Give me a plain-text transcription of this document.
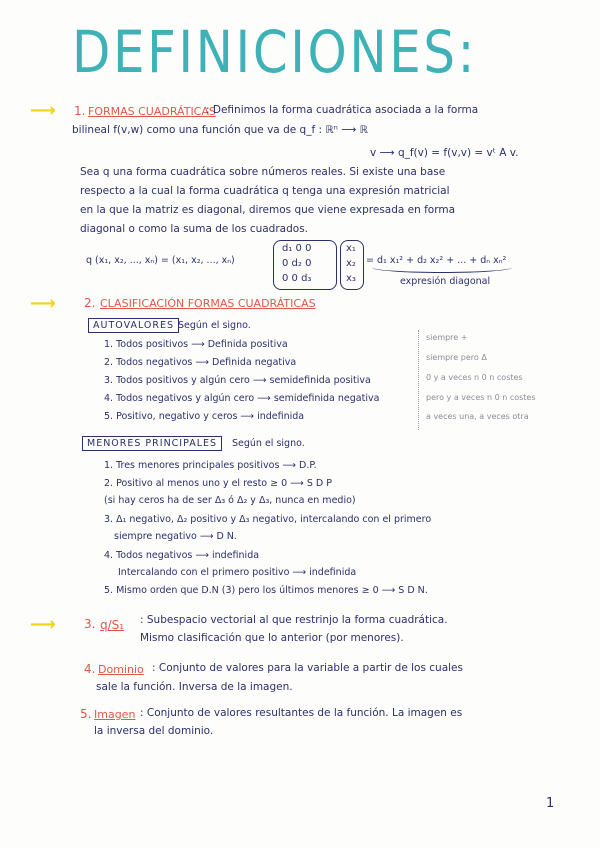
DEFINICIONES:
⟶ 1. FORMAS CUADRÁTICAS
: Definimos la forma cuadrática asociada a la forma
bilineal f(v,w) como una función que va de q_f : ℝⁿ ⟶ ℝ
v ⟶ q_f(v) = f(v,v) = vᵗ A v.
Sea q una forma cuadrática sobre números reales. Si existe una base
respecto a la cual la forma cuadrática q tenga una expresión matricial
en la que la matriz es diagonal, diremos que viene expresada en forma
diagonal o como la suma de los cuadrados.
q (x₁, x₂, ..., xₙ) = (x₁, x₂, ..., xₙ)
d₁ 0 0
0 d₂ 0
0 0 d₃
x₁
x₂
x₃
= d₁ x₁² + d₂ x₂² + ... + dₙ xₙ²
expresión diagonal
⟶ 2. CLASIFICACIÓN FORMAS CUADRÁTICAS
AUTOVALORES Según el signo.
1. Todos positivos ⟶ Definida positiva
2. Todos negativos ⟶ Definida negativa
3. Todos positivos y algún cero ⟶ semidefinida positiva
4. Todos negativos y algún cero ⟶ semidefinida negativa
5. Positivo, negativo y ceros ⟶ indefinida
siempre +
siempre pero Δ
0 y a veces n 0 n costes
pero y a veces n 0 n costes
a veces una, a veces otra
MENORES PRINCIPALES	Según el signo.
1. Tres menores principales positivos ⟶ D.P.
2. Positivo al menos uno y el resto ≥ 0 ⟶ S D P
(si hay ceros ha de ser Δ₃ ó Δ₂ y Δ₃, nunca en medio)
3. Δ₁ negativo, Δ₂ positivo y Δ₃ negativo, intercalando con el primero
siempre negativo ⟶ D N.
4. Todos negativos ⟶ indefinida
Intercalando con el primero positivo ⟶ indefinida
5. Mismo orden que D.N (3) pero los últimos menores ≥ 0 ⟶ S D N.
⟶ 3. q/S₁ : Subespacio vectorial al que restrinjo la forma cuadrática.
Mismo clasificación que lo anterior (por menores).
4. Dominio : Conjunto de valores para la variable a partir de los cuales
sale la función. Inversa de la imagen.
5. Imagen : Conjunto de valores resultantes de la función. La imagen es
la inversa del dominio.
1
